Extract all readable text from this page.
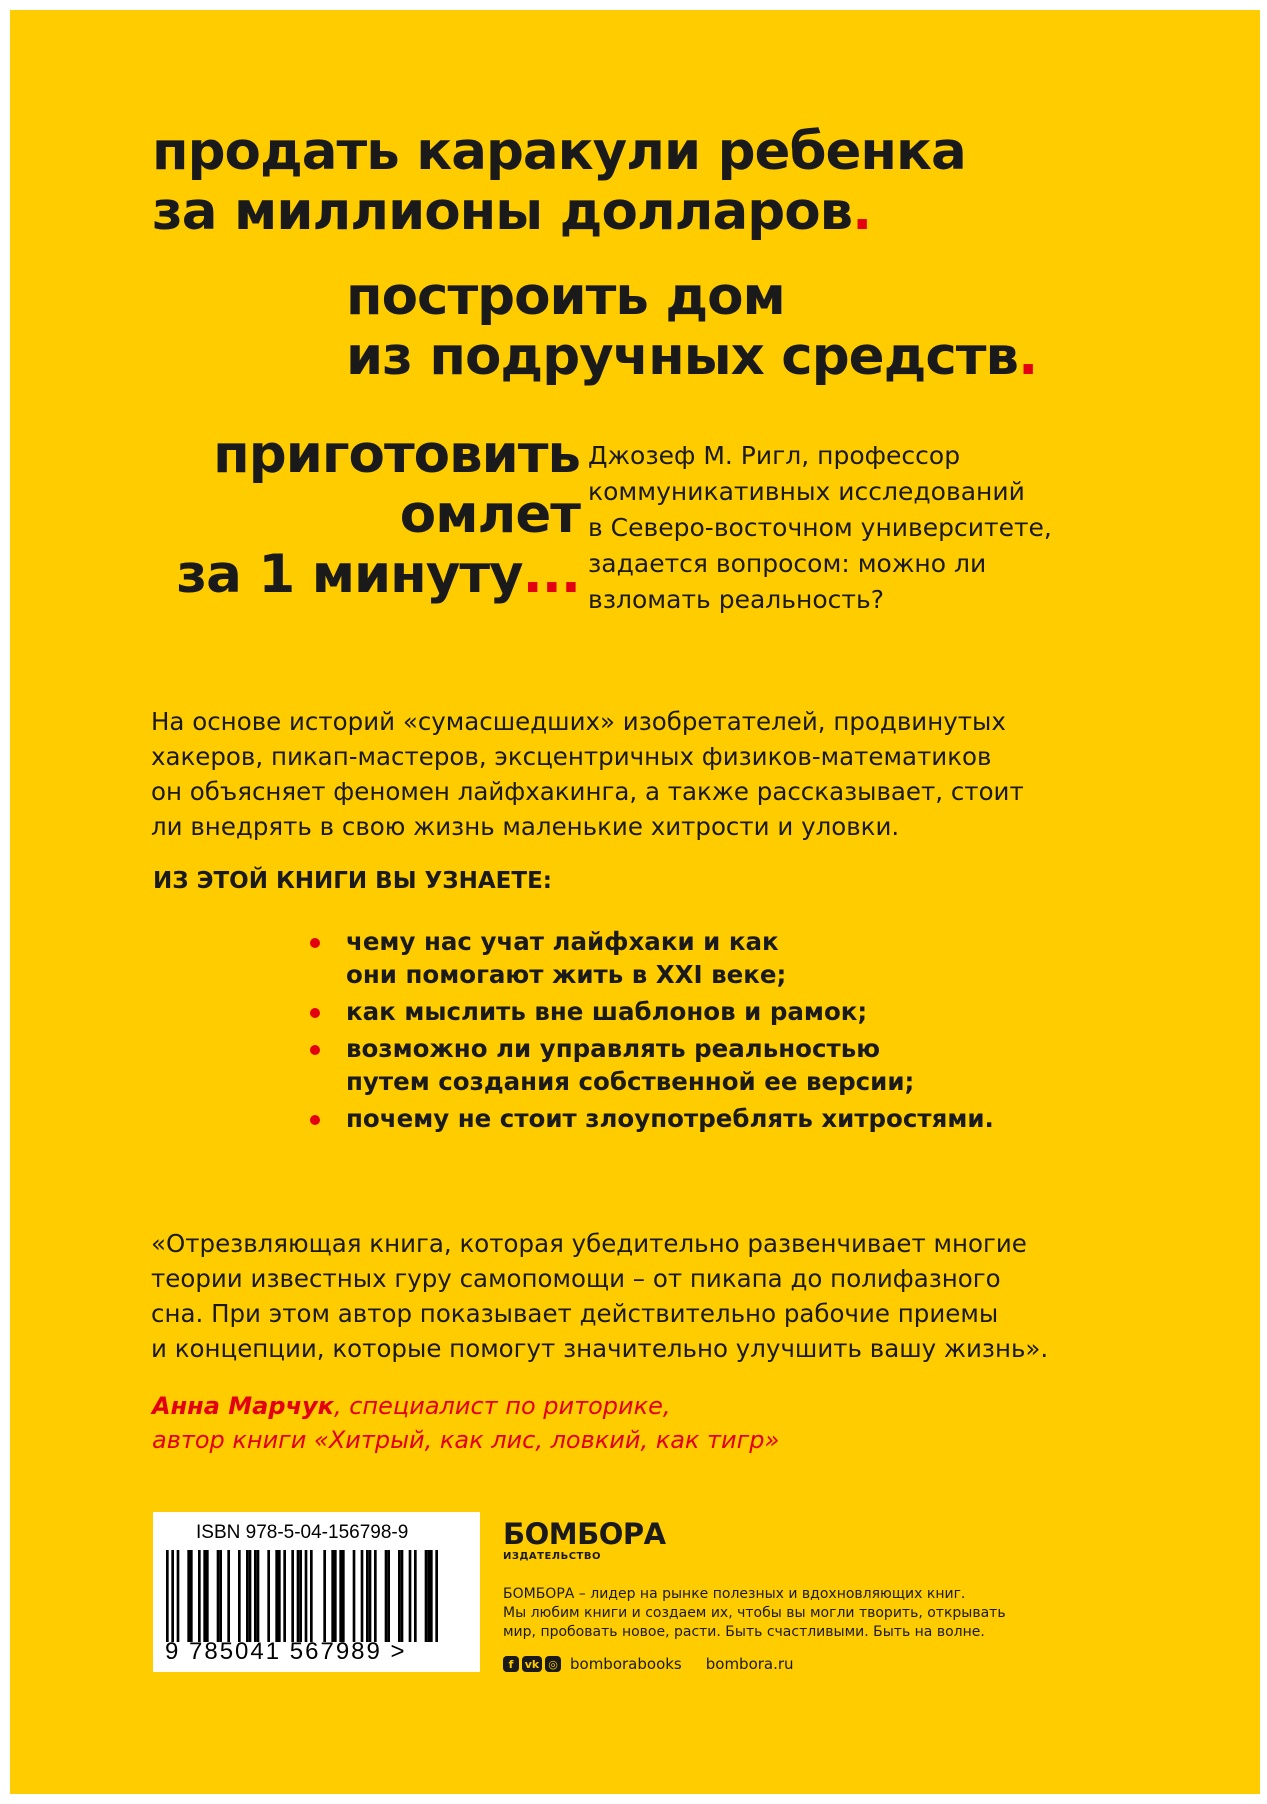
продать каракули ребенка
за миллионы долларов.
построить дом
из подручных средств.
приготовить
омлет
за 1 минуту...
Джозеф М. Ригл, профессор
коммуникативных исследований
в Северо-восточном университете,
задается вопросом: можно ли
взломать реальность?
На основе историй «сумасшедших» изобретателей, продвинутых
хакеров, пикап-мастеров, эксцентричных физиков-математиков
он объясняет феномен лайфхакинга, а также рассказывает, стоит
ли внедрять в свою жизнь маленькие хитрости и уловки.
ИЗ ЭТОЙ КНИГИ ВЫ УЗНАЕТЕ:
чему нас учат лайфхаки и как
они помогают жить в XXI веке;
как мыслить вне шаблонов и рамок;
возможно ли управлять реальностью
путем создания собственной ее версии;
почему не стоит злоупотреблять хитростями.
«Отрезвляющая книга, которая убедительно развенчивает многие
теории известных гуру самопомощи – от пикапа до полифазного
сна. При этом автор показывает действительно рабочие приемы
и концепции, которые помогут значительно улучшить вашу жизнь».
Анна Марчук, специалист по риторике,
автор книги «Хитрый, как лис, ловкий, как тигр»
ISBN 978-5-04-156798-9
9 785041 567989 >
БОМБОРА
ИЗДАТЕЛЬСТВО
БОМБОРА – лидер на рынке полезных и вдохновляющих книг.
Мы любим книги и создаем их, чтобы вы могли творить, открывать
мир, пробовать новое, расти. Быть счастливыми. Быть на волне.
f	vk ◎ bomborabooks bombora.ru
